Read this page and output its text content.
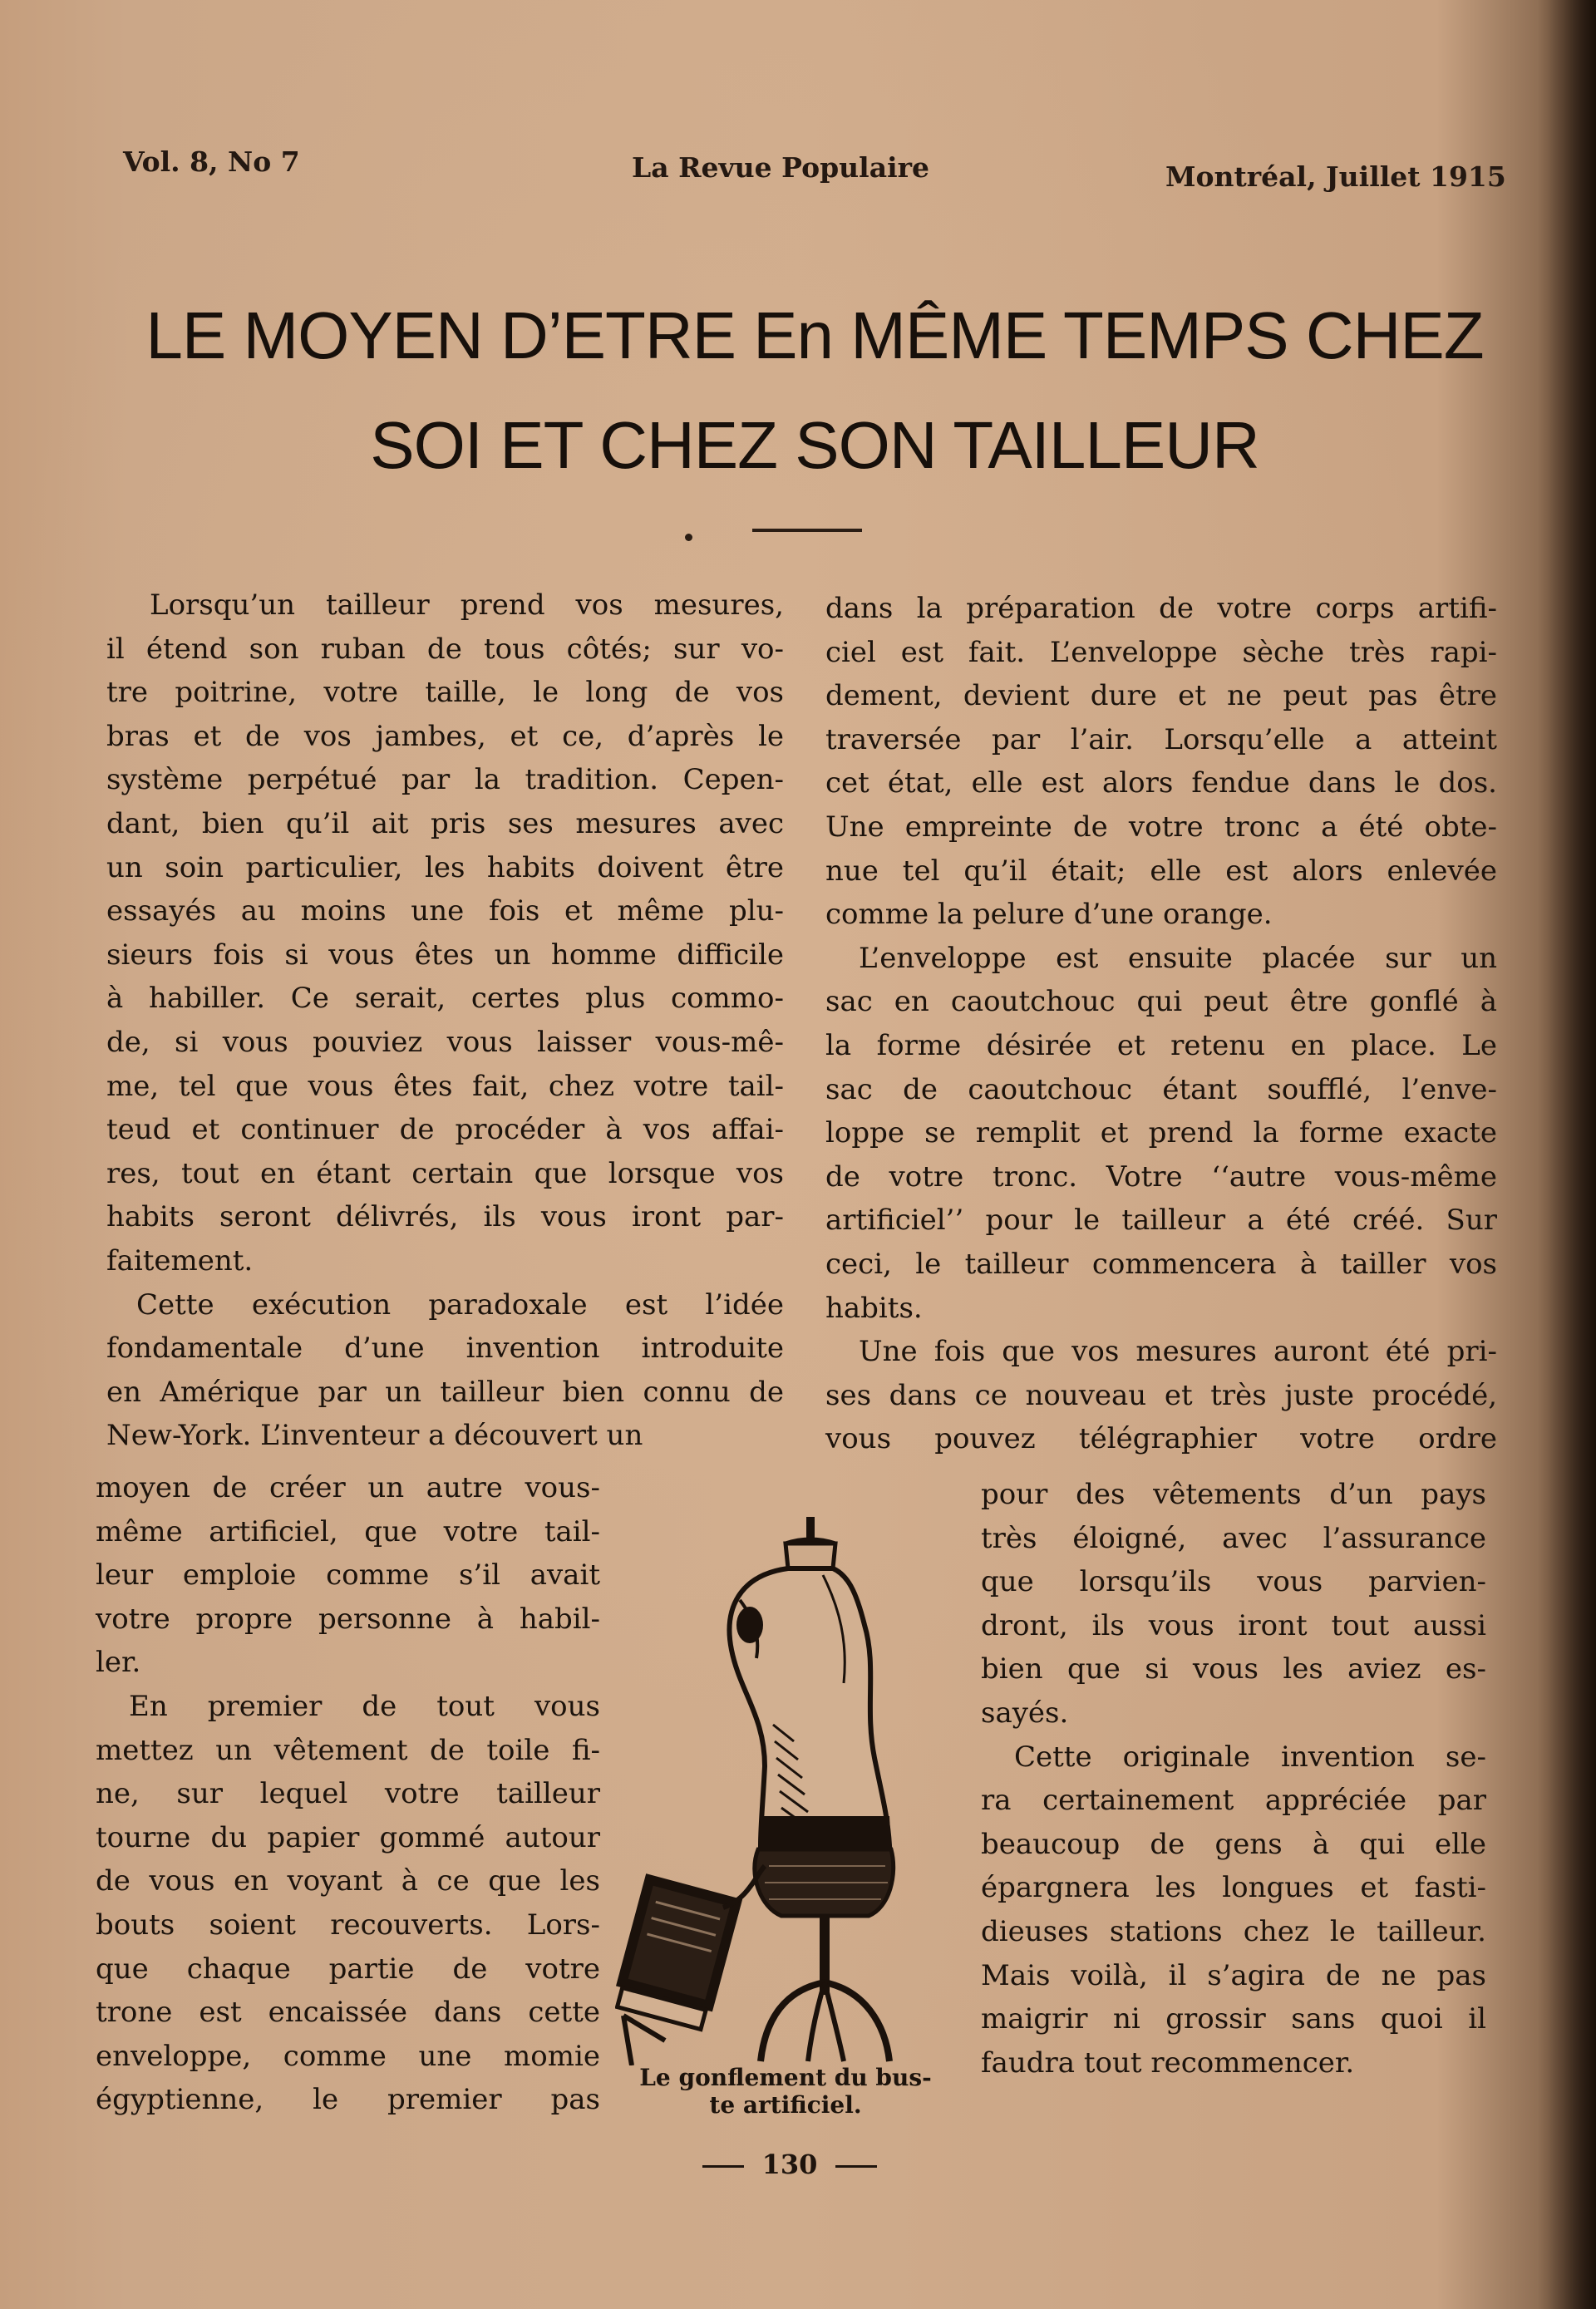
Vol. 8, No 7	La Revue Populaire	Montréal, Juillet 1915
LE MOYEN D’ETRE En MÊME TEMPS CHEZ
SOI ET CHEZ SON TAILLEUR
Lorsqu’un tailleur prend vos mesures,
il étend son ruban de tous côtés; sur vo-
tre poitrine, votre taille, le long de vos
bras et de vos jambes, et ce, d’après le
système perpétué par la tradition. Cepen-
dant, bien qu’il ait pris ses mesures avec
un soin particulier, les habits doivent être
essayés au moins une fois et même plu-
sieurs fois si vous êtes un homme difficile
à habiller. Ce serait, certes plus commo-
de, si vous pouviez vous laisser vous-mê-
me, tel que vous êtes fait, chez votre tail-
teud et continuer de procéder à vos affai-
res, tout en étant certain que lorsque vos
habits seront délivrés, ils vous iront par-
faitement.
Cette exécution paradoxale est l’idée
fondamentale d’une invention introduite
en Amérique par un tailleur bien connu de
New-York. L’inventeur a découvert un
moyen de créer un autre vous-
même artificiel, que votre tail-
leur emploie comme s’il avait
votre propre personne à habil-
ler.
En premier de tout vous
mettez un vêtement de toile fi-
ne, sur lequel votre tailleur
tourne du papier gommé autour
de vous en voyant à ce que les
bouts soient recouverts. Lors-
que chaque partie de votre
trone est encaissée dans cette
enveloppe, comme une momie
égyptienne, le premier pas
dans la préparation de votre corps artifi-
ciel est fait. L’enveloppe sèche très rapi-
dement, devient dure et ne peut pas être
traversée par l’air. Lorsqu’elle a atteint
cet état, elle est alors fendue dans le dos.
Une empreinte de votre tronc a été obte-
nue tel qu’il était; elle est alors enlevée
comme la pelure d’une orange.
L’enveloppe est ensuite placée sur un
sac en caoutchouc qui peut être gonflé à
la forme désirée et retenu en place. Le
sac de caoutchouc étant soufflé, l’enve-
loppe se remplit et prend la forme exacte
de votre tronc. Votre ‘‘autre vous-même
artificiel’’ pour le tailleur a été créé. Sur
ceci, le tailleur commencera à tailler vos
habits.
Une fois que vos mesures auront été pri-
ses dans ce nouveau et très juste procédé,
vous pouvez télégraphier votre ordre
pour des vêtements d’un pays
très éloigné, avec l’assurance
que lorsqu’ils vous parvien-
dront, ils vous iront tout aussi
bien que si vous les aviez es-
sayés.
Cette originale invention se-
ra certainement appréciée par
beaucoup de gens à qui elle
épargnera les longues et fasti-
dieuses stations chez le tailleur.
Mais voilà, il s’agira de ne pas
maigrir ni grossir sans quoi il
faudra tout recommencer.
Le gonflement du bus-
te artificiel.
130
